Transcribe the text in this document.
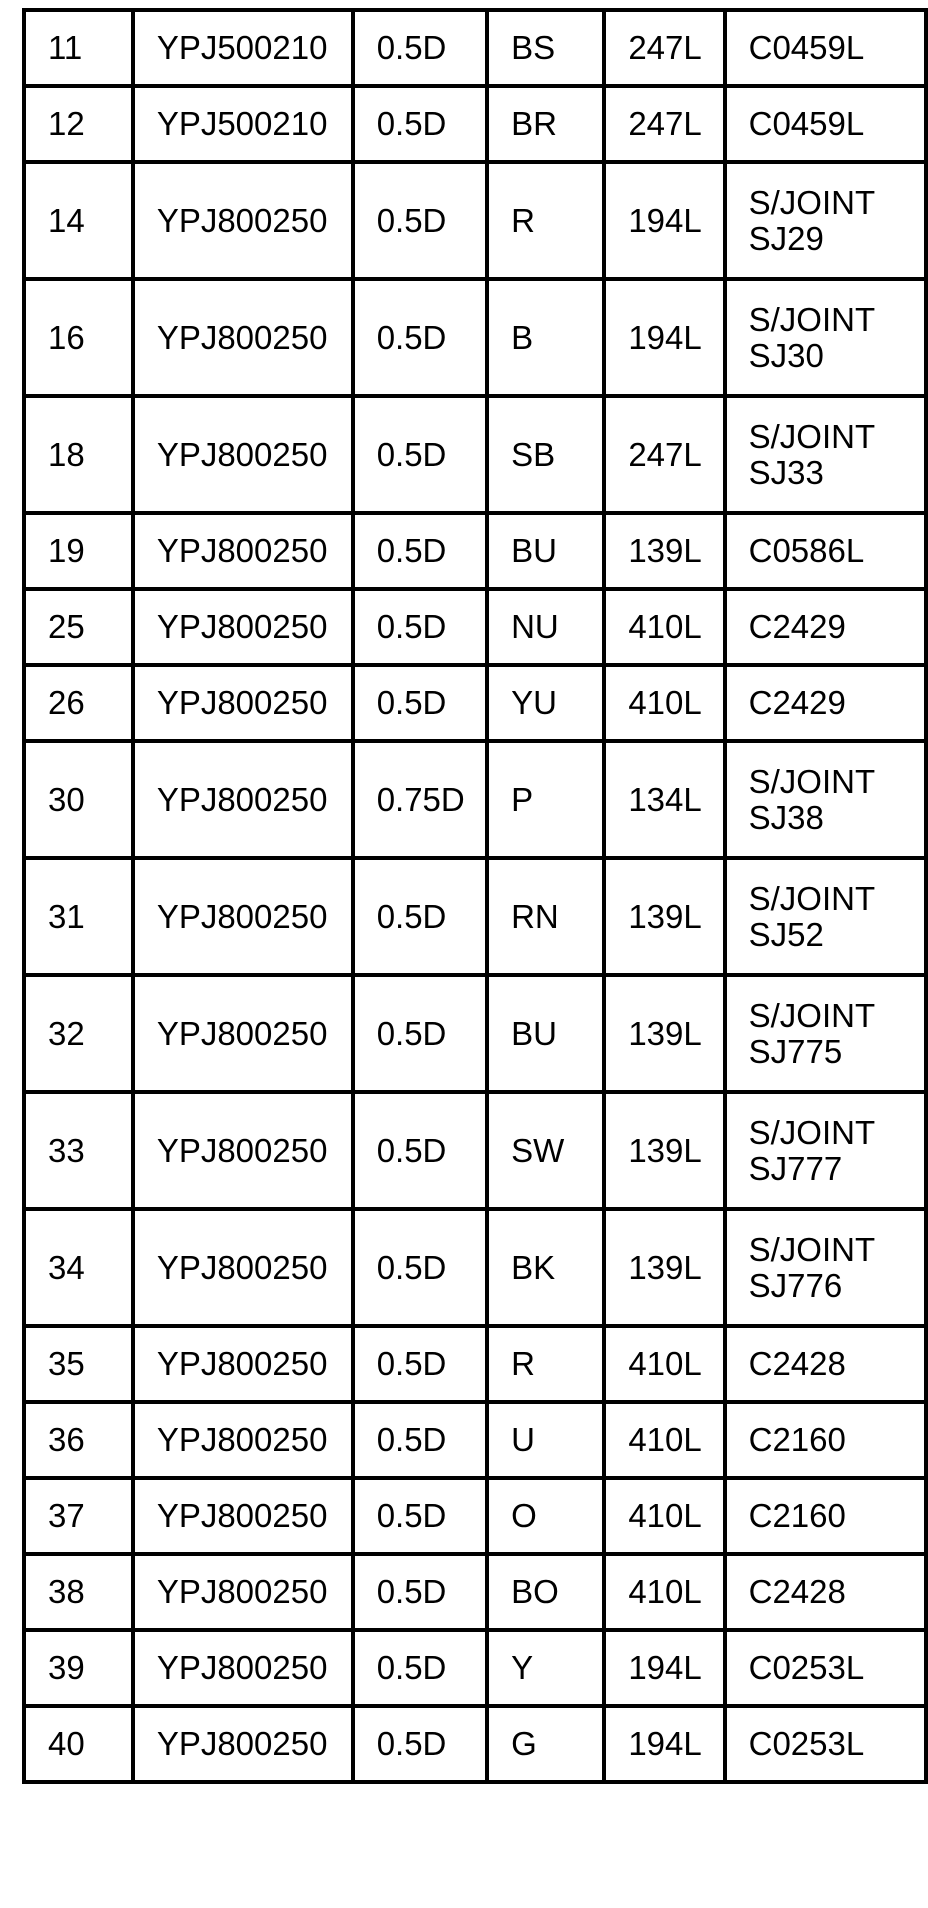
11	YPJ500210	0.5D	BS	247L	C0459L

12	YPJ500210	0.5D	BR	247L	C0459L

14	YPJ800250	0.5D	R	194L	S/JOINT
SJ29

16	YPJ800250	0.5D	B	194L	S/JOINT
SJ30

18	YPJ800250	0.5D	SB	247L	S/JOINT
SJ33

19	YPJ800250	0.5D	BU	139L	C0586L

25	YPJ800250	0.5D	NU	410L	C2429

26	YPJ800250	0.5D	YU	410L	C2429

30	YPJ800250	0.75D	P	134L	S/JOINT
SJ38

31	YPJ800250	0.5D	RN	139L	S/JOINT
SJ52

32	YPJ800250	0.5D	BU	139L	S/JOINT
SJ775

33	YPJ800250	0.5D	SW	139L	S/JOINT
SJ777

34	YPJ800250	0.5D	BK	139L	S/JOINT
SJ776

35	YPJ800250	0.5D	R	410L	C2428

36	YPJ800250	0.5D	U	410L	C2160

37	YPJ800250	0.5D	O	410L	C2160

38	YPJ800250	0.5D	BO	410L	C2428

39	YPJ800250	0.5D	Y	194L	C0253L

40	YPJ800250	0.5D	G	194L	C0253L
